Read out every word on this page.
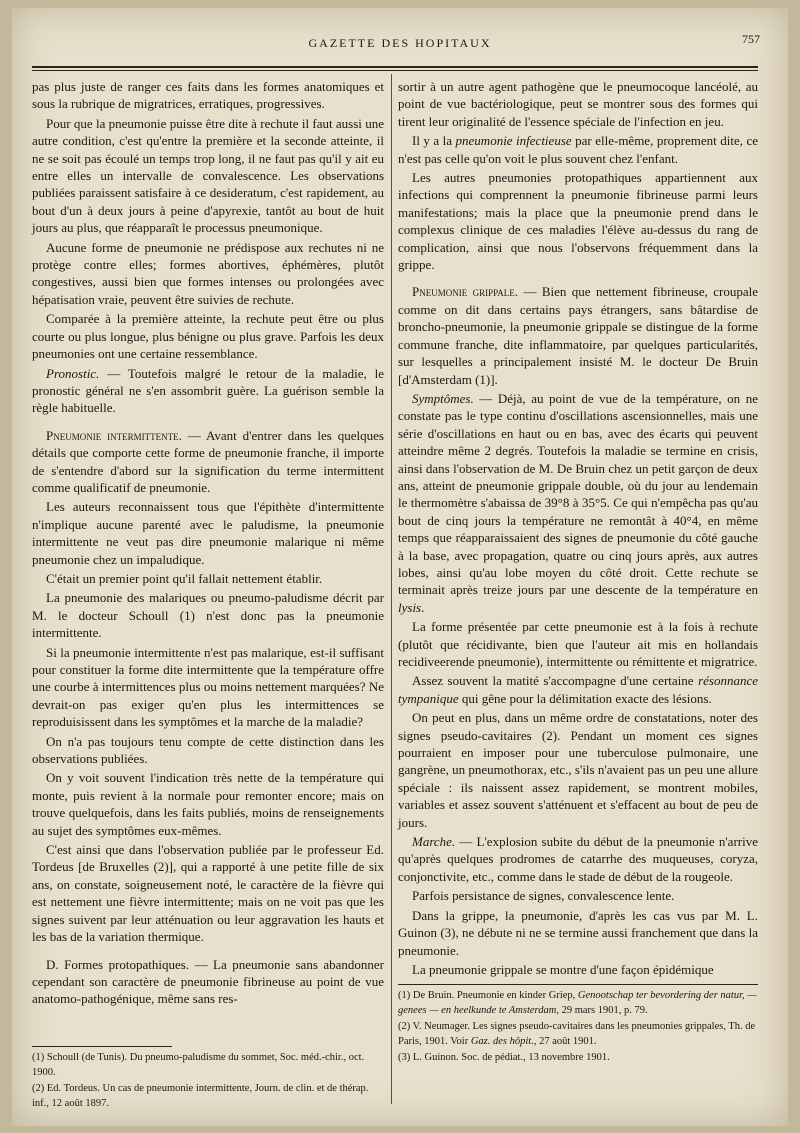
GAZETTE DES HOPITAUX	757

pas plus juste de ranger ces faits dans les formes anatomiques et sous la rubrique de migratrices, erratiques, progressives.

Pour que la pneumonie puisse être dite à rechute il faut aussi une autre condition, c'est qu'entre la première et la seconde atteinte, il ne se soit pas écoulé un temps trop long, il ne faut pas qu'il y ait eu entre elles un intervalle de convalescence. Les observations publiées paraissent satisfaire à ce desideratum, c'est rapidement, au bout d'un à deux jours à peine d'apyrexie, tantôt au bout de huit jours au plus, que réapparaît le processus pneumonique.

Aucune forme de pneumonie ne prédispose aux rechutes ni ne protège contre elles; formes abortives, éphémères, plutôt congestives, aussi bien que formes intenses ou prolongées avec hépatisation vraie, peuvent être suivies de rechute.

Comparée à la première atteinte, la rechute peut être ou plus courte ou plus longue, plus bénigne ou plus grave. Parfois les deux pneumonies ont une certaine ressemblance.

Pronostic. — Toutefois malgré le retour de la maladie, le pronostic général ne s'en assombrit guère. La guérison semble la règle habituelle.

Pneumonie intermittente. — Avant d'entrer dans les quelques détails que comporte cette forme de pneumonie franche, il importe de s'entendre d'abord sur la signification du terme intermittent comme qualificatif de pneumonie.

Les auteurs reconnaissent tous que l'épithète d'intermittente n'implique aucune parenté avec le paludisme, la pneumonie intermittente ne veut pas dire pneumonie malarique ni même pneumonie chez un impaludique.

C'était un premier point qu'il fallait nettement établir.

La pneumonie des malariques ou pneumo-paludisme décrit par M. le docteur Schoull (1) n'est donc pas la pneumonie intermittente.

Si la pneumonie intermittente n'est pas malarique, est-il suffisant pour constituer la forme dite intermittente que la température offre une courbe à intermittences plus ou moins nettement marquées? Ne devrait-on pas exiger qu'en plus les intermittences se reproduisissent dans les symptômes et la marche de la maladie?

On n'a pas toujours tenu compte de cette distinction dans les observations publiées.

On y voit souvent l'indication très nette de la température qui monte, puis revient à la normale pour remonter encore; mais on trouve quelquefois, dans les faits publiés, moins de renseignements au sujet des symptômes eux-mêmes.

C'est ainsi que dans l'observation publiée par le professeur Ed. Tordeus [de Bruxelles (2)], qui a rapporté à une petite fille de six ans, on constate, soigneusement noté, le caractère de la fièvre qui est nettement une fièvre intermittente; mais on ne voit pas que les signes suivent par leur atténuation ou leur aggravation les hauts et les bas de la variation thermique.

D. Formes protopathiques. — La pneumonie sans abandonner cependant son caractère de pneumonie fibrineuse au point de vue anatomo-pathogénique, même sans res-

(1) Schoull (de Tunis). Du pneumo-paludisme du sommet, Soc. méd.-chir., oct. 1900.

(2) Ed. Tordeus. Un cas de pneumonie intermittente, Journ. de clin. et de thérap. inf., 12 août 1897.

sortir à un autre agent pathogène que le pneumocoque lancéolé, au point de vue bactériologique, peut se montrer sous des formes qui tirent leur originalité de l'essence spéciale de l'infection en jeu.

Il y a la pneumonie infectieuse par elle-même, proprement dite, ce n'est pas celle qu'on voit le plus souvent chez l'enfant.

Les autres pneumonies protopathiques appartiennent aux infections qui comprennent la pneumonie fibrineuse parmi leurs manifestations; mais la place que la pneumonie prend dans le complexus clinique de ces maladies l'élève au-dessus du rang de complication, ainsi que nous l'observons fréquemment dans la grippe.

Pneumonie grippale. — Bien que nettement fibrineuse, croupale comme on dit dans certains pays étrangers, sans bâtardise de broncho-pneumonie, la pneumonie grippale se distingue de la forme commune franche, dite inflammatoire, par quelques particularités, sur lesquelles a principalement insisté M. le docteur De Bruin [d'Amsterdam (1)].

Symptômes. — Déjà, au point de vue de la température, on ne constate pas le type continu d'oscillations ascensionnelles, mais une série d'oscillations en haut ou en bas, avec des écarts qui peuvent atteindre même 2 degrés. Toutefois la maladie se termine en crisis, ainsi dans l'observation de M. De Bruin chez un petit garçon de deux ans, atteint de pneumonie grippale double, où du jour au lendemain le thermomètre s'abaissa de 39°8 à 35°5. Ce qui n'empêcha pas qu'au bout de cinq jours la température ne remontât à 40°4, en même temps que réapparaissaient des signes de pneumonie du côté gauche à la base, avec propagation, quatre ou cinq jours après, aux autres lobes, ainsi qu'au lobe moyen du côté droit. Cette rechute se terminait après treize jours par une descente de la température en lysis.

La forme présentée par cette pneumonie est à la fois à rechute (plutôt que récidivante, bien que l'auteur ait mis en hollandais recidiveerende pneumonie), intermittente ou rémittente et migratrice.

Assez souvent la matité s'accompagne d'une certaine résonnance tympanique qui gêne pour la délimitation exacte des lésions.

On peut en plus, dans un même ordre de constatations, noter des signes pseudo-cavitaires (2). Pendant un moment ces signes pourraient en imposer pour une tuberculose pulmonaire, une gangrène, un pneumothorax, etc., s'ils n'avaient pas un peu une allure spéciale : ils naissent assez rapidement, se montrent mobiles, variables et assez souvent s'atténuent et s'effacent au bout de peu de jours.

Marche. — L'explosion subite du début de la pneumonie n'arrive qu'après quelques prodromes de catarrhe des muqueuses, coryza, conjonctivite, etc., comme dans le stade de début de la rougeole.

Parfois persistance de signes, convalescence lente.

Dans la grippe, la pneumonie, d'après les cas vus par M. L. Guinon (3), ne débute ni ne se termine aussi franchement que dans la pneumonie.

La pneumonie grippale se montre d'une façon épidémique

(1) De Bruin. Pneumonie en kinder Griep, Genootschap ter bevordering der natur, — genees — en heelkunde te Amsterdam, 29 mars 1901, p. 79.

(2) V. Neumager. Les signes pseudo-cavitaires dans les pneumonies grippales, Th. de Paris, 1901. Voir Gaz. des hôpit., 27 août 1901.

(3) L. Guinon. Soc. de pédiat., 13 novembre 1901.
